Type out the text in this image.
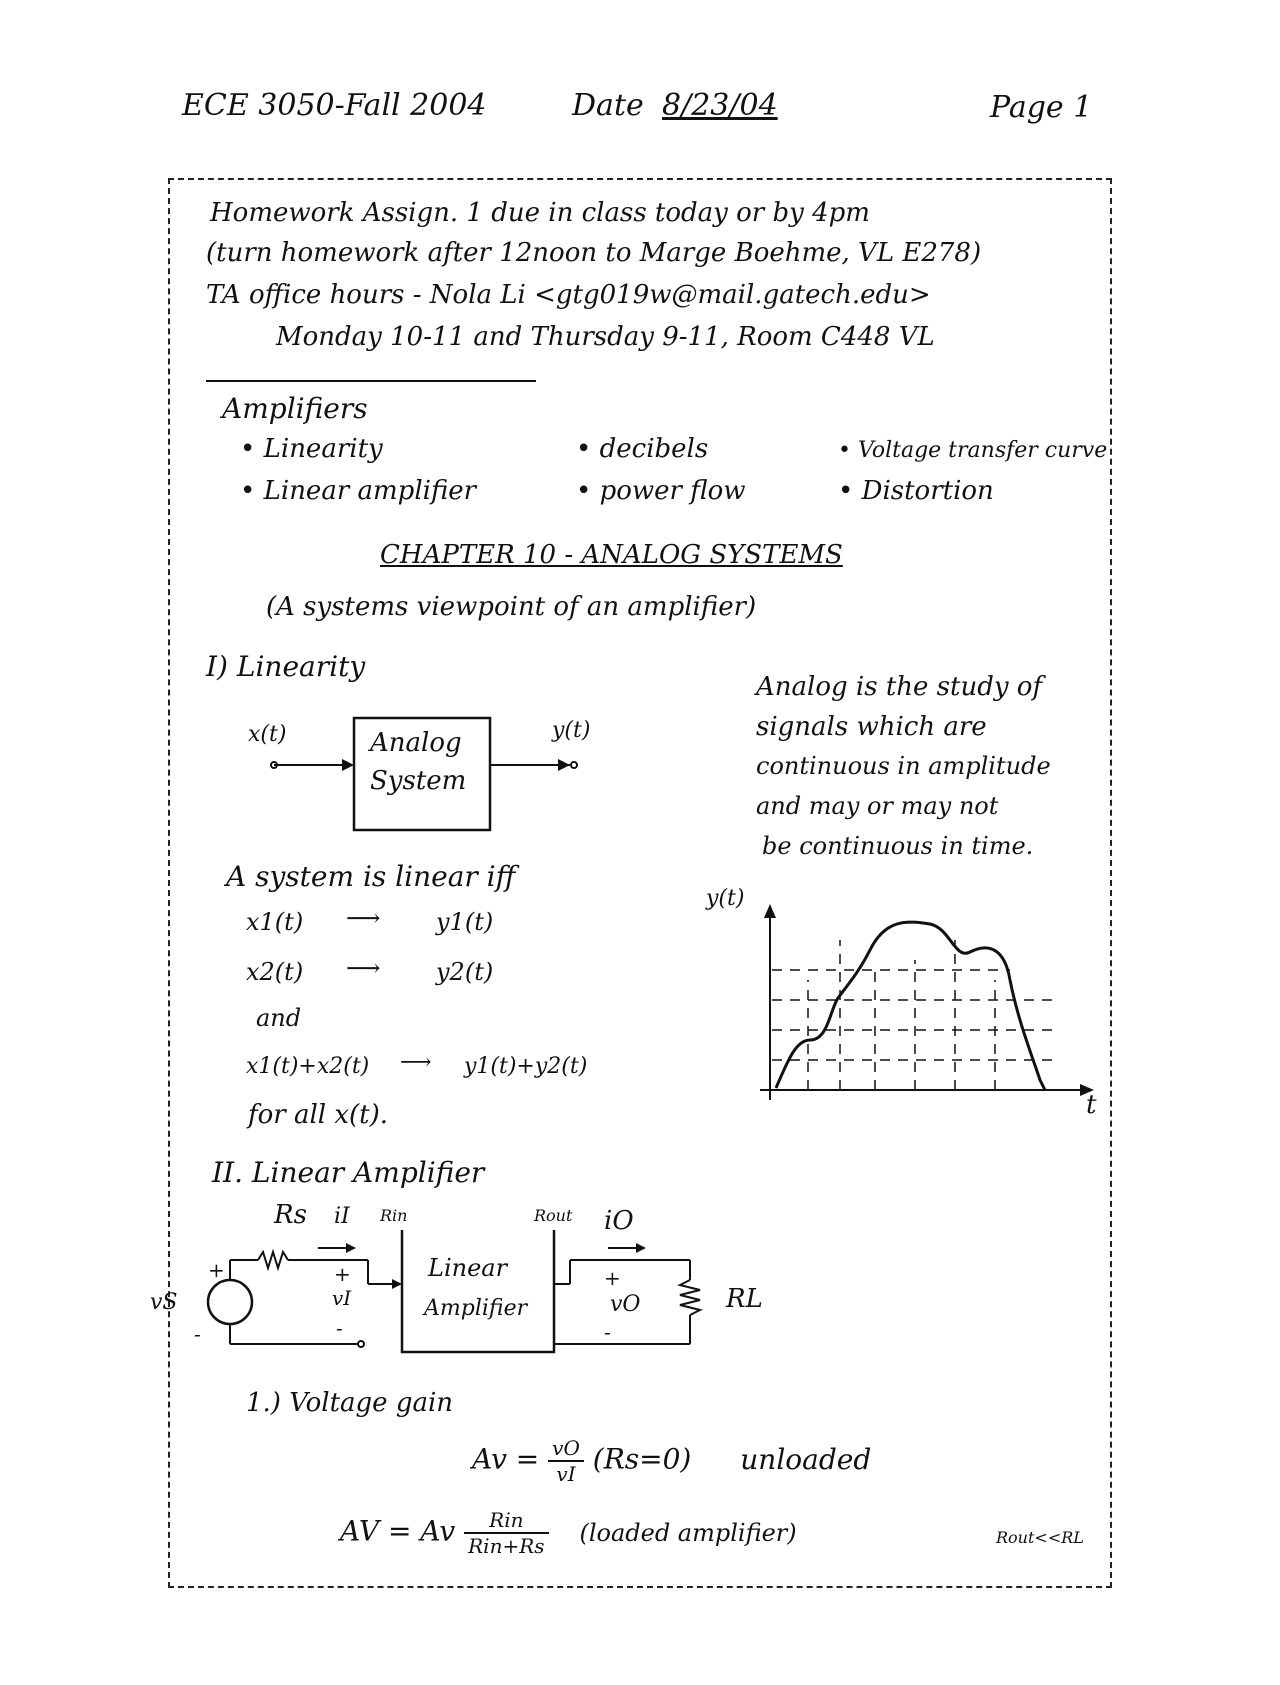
ECE 3050-Fall 2004	Date 8/23/04	Page 1
Homework Assign. 1 due in class today or by 4pm
(turn homework after 12noon to Marge Boehme, VL E278)
TA office hours - Nola Li <gtg019w@mail.gatech.edu>
Monday 10-11 and Thursday 9-11, Room C448 VL
Amplifiers
• Linearity	• decibels	• Voltage transfer curve
• Linear amplifier	• power flow	• Distortion
CHAPTER 10 - ANALOG SYSTEMS
(A systems viewpoint of an amplifier)
I) Linearity
x(t)	Analog
System
y(t)
Analog is the study of
signals which are
continuous in amplitude
and may or may not
be continuous in time.
y(t)
t
A system is linear iff
x1(t) ⟶ y1(t)
x2(t) ⟶ y2(t)
and
x1(t)+x2(t) ⟶ y1(t)+y2(t)
for all x(t).
II. Linear Amplifier
Rs iI Rin	Rout iO
Linear
Amplifier
vS
+
-
+
vI
-
+
vO
-
RL
1.) Voltage gain
$Av = \frac{vO}{vI} (Rs=0)$ unloaded
AV = Av $\frac{\text{Rin}}{\text{Rin+Rs}}$ (loaded amplifier)	Rout<<RL
